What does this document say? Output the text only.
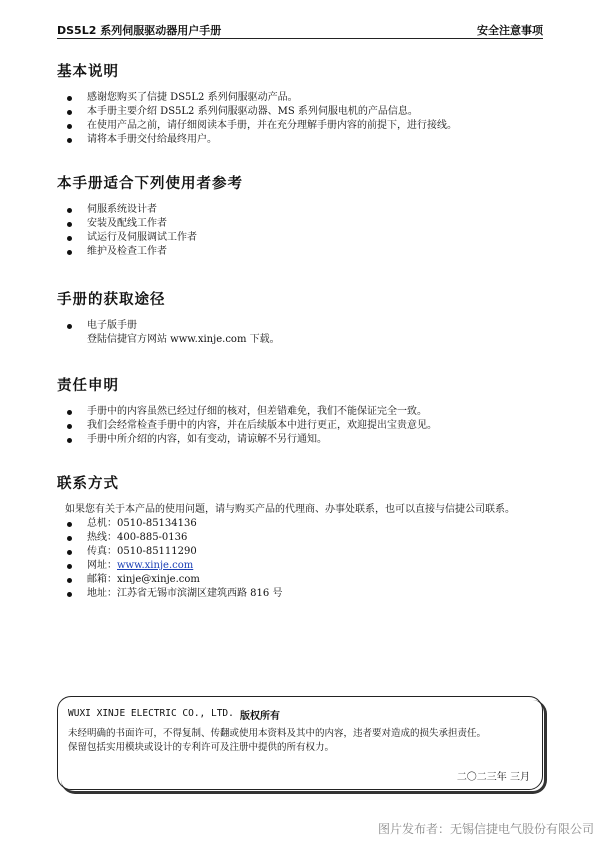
DS5L2 系列伺服驱动器用户手册	安全注意事项
基本说明
感谢您购买了信捷 DS5L2 系列伺服驱动产品。
本手册主要介绍 DS5L2 系列伺服驱动器、MS 系列伺服电机的产品信息。
在使用产品之前，请仔细阅读本手册，并在充分理解手册内容的前提下，进行接线。
请将本手册交付给最终用户。
本手册适合下列使用者参考
伺服系统设计者
安装及配线工作者
试运行及伺服调试工作者
维护及检查工作者
手册的获取途径
电子版手册
登陆信捷官方网站 www.xinje.com 下载。
责任申明
手册中的内容虽然已经过仔细的核对，但差错难免，我们不能保证完全一致。
我们会经常检查手册中的内容，并在后续版本中进行更正，欢迎提出宝贵意见。
手册中所介绍的内容，如有变动，请谅解不另行通知。
联系方式
如果您有关于本产品的使用问题，请与购买产品的代理商、办事处联系，也可以直接与信捷公司联系。
总机：0510-85134136
热线：400-885-0136
传真：0510-85111290
网址：www.xinje.com
邮箱：xinje@xinje.com
地址：江苏省无锡市滨湖区建筑西路 816 号
WUXI XINJE ELECTRIC CO., LTD. 版权所有
未经明确的书面许可，不得复制、传翻或使用本资料及其中的内容，违者要对造成的损失承担责任。
保留包括实用模块或设计的专利许可及注册中提供的所有权力。
二〇二三年 三月
图片发布者：无锡信捷电气股份有限公司
